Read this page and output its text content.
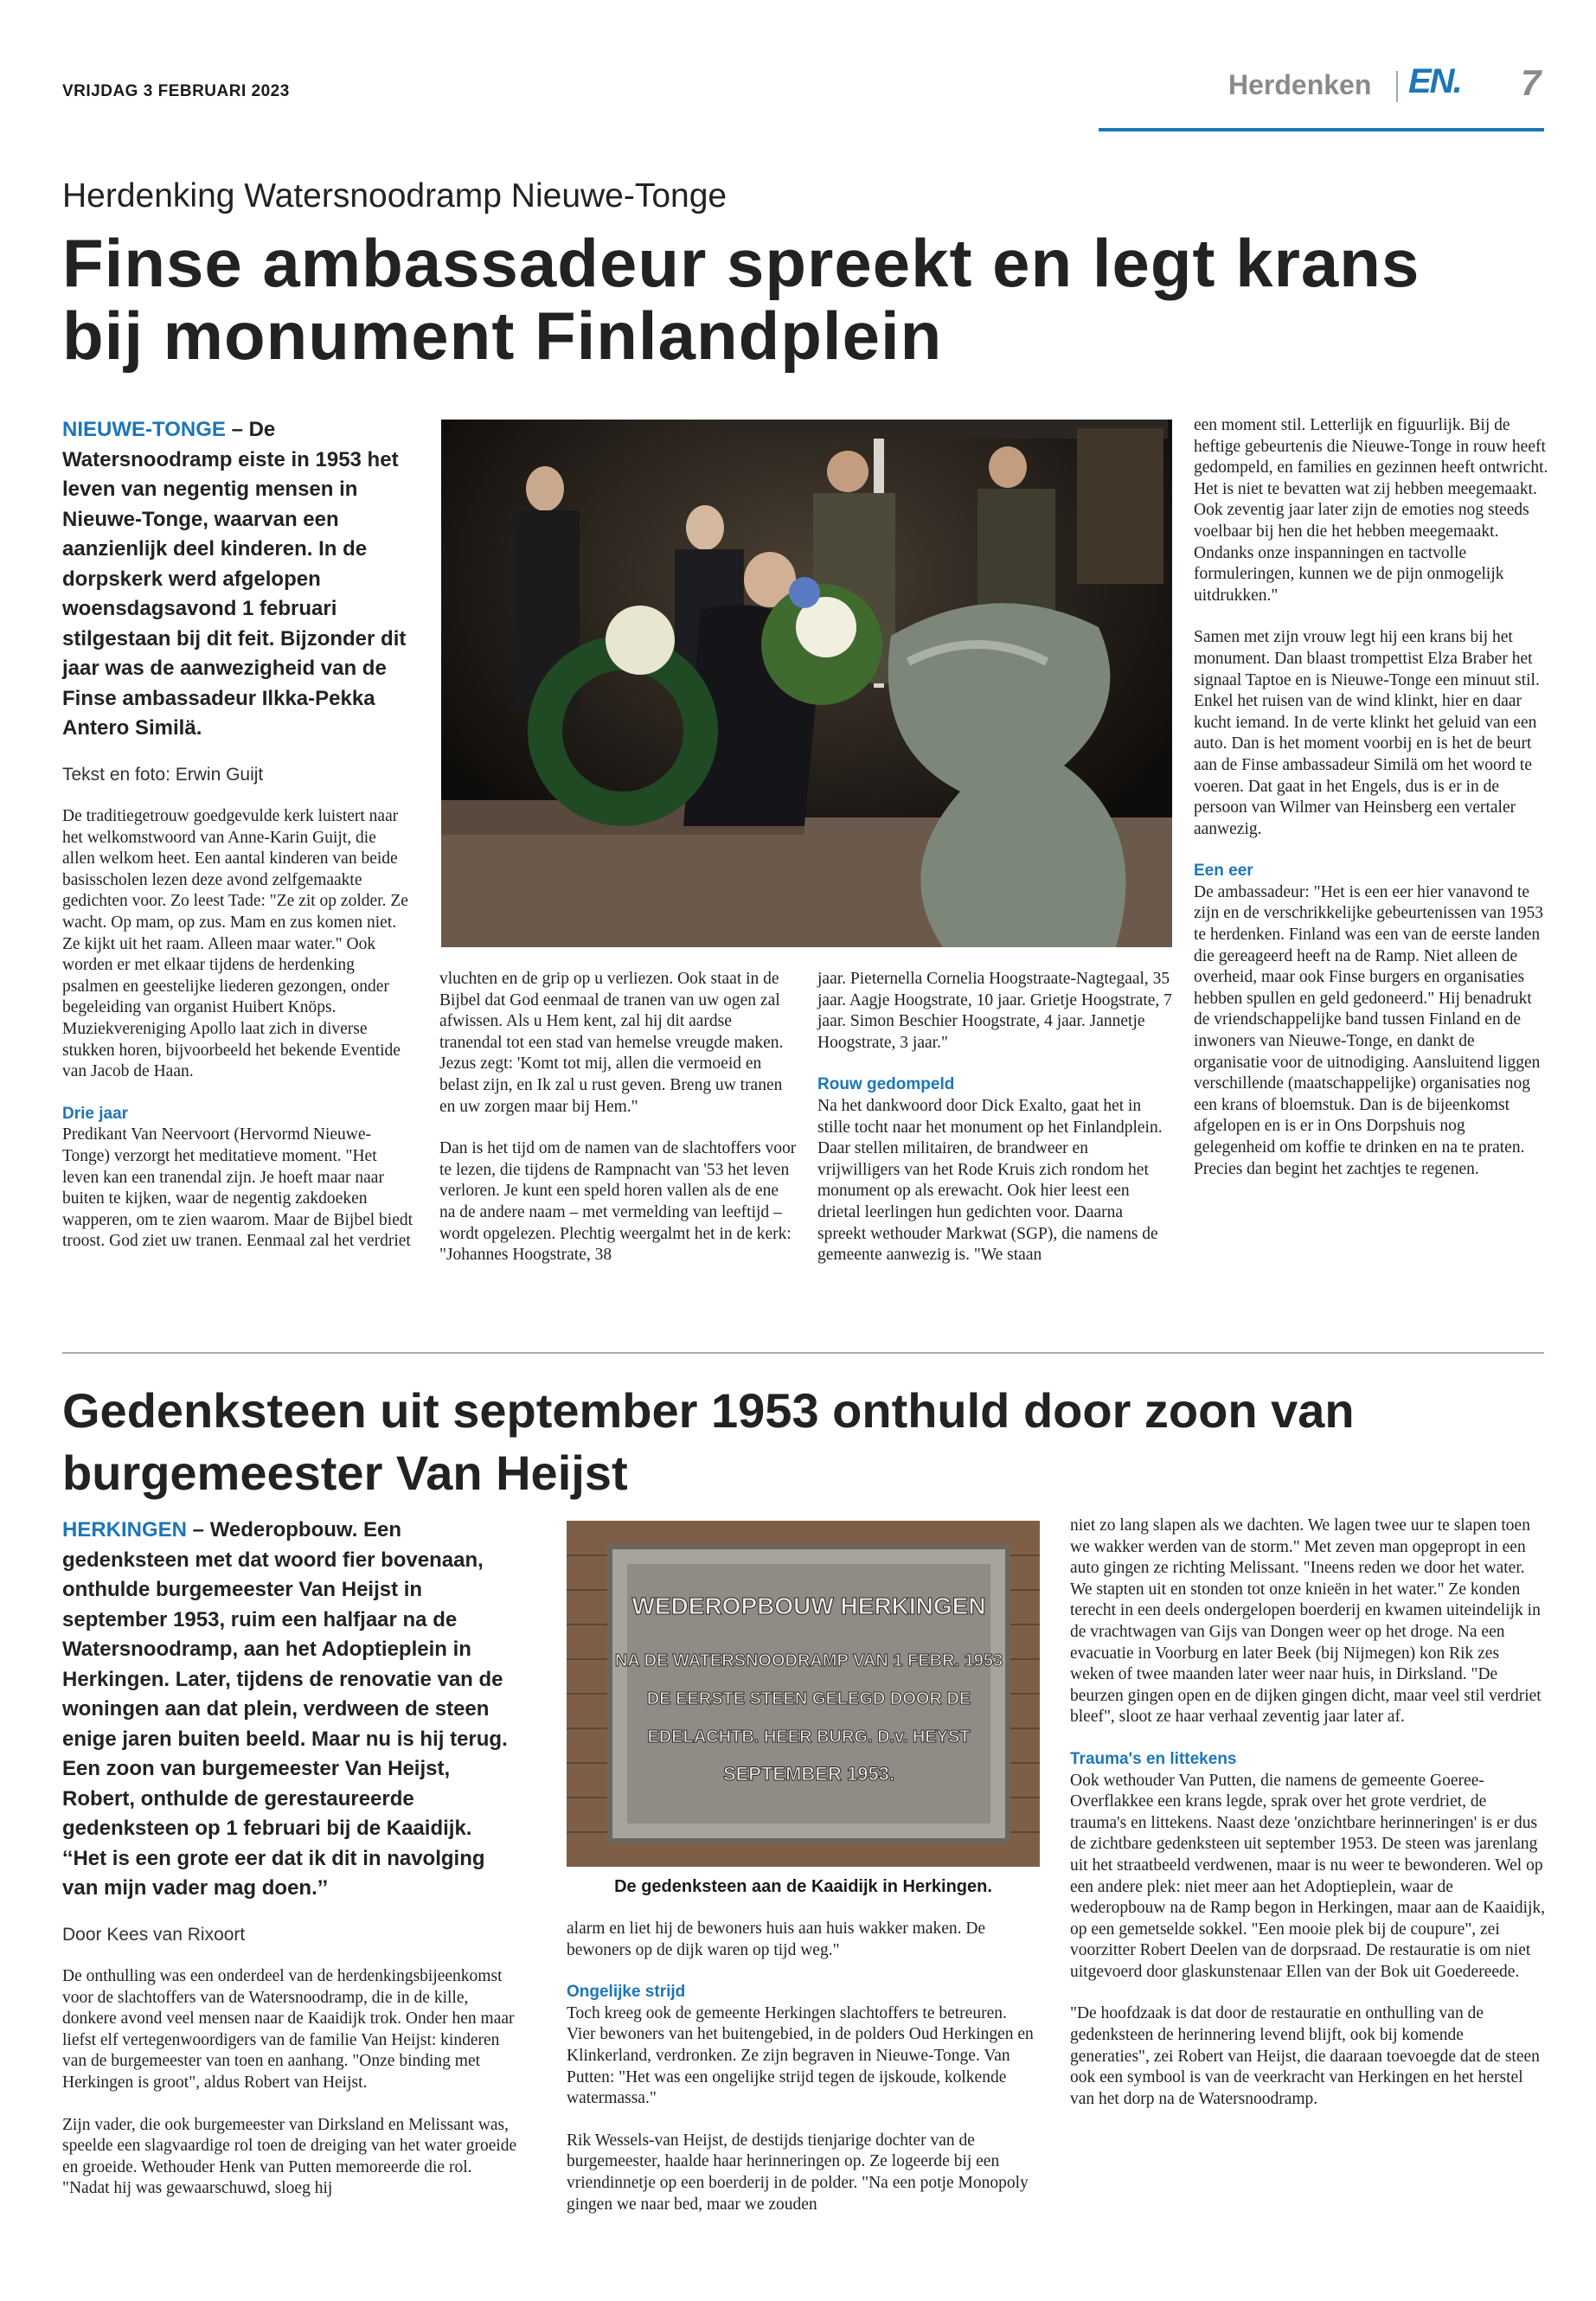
VRIJDAG 3 FEBRUARI 2023	Herdenken EN. 7
Herdenking Watersnoodramp Nieuwe-Tonge
Finse ambassadeur spreekt en legt krans bij monument Finlandplein

NIEUWE-TONGE – De Watersnoodramp eiste in 1953 het leven van negentig mensen in Nieuwe-Tonge, waarvan een aanzienlijk deel kinderen. In de dorpskerk werd afgelopen woensdagsavond 1 februari stilgestaan bij dit feit. Bijzonder dit jaar was de aanwezigheid van de Finse ambassadeur Ilkka-Pekka Antero Similä.

Tekst en foto: Erwin Guijt

De traditiegetrouw goedgevulde kerk luistert naar het welkomstwoord van Anne-Karin Guijt, die allen welkom heet. Een aantal kinderen van beide basisscholen lezen deze avond zelfgemaakte gedichten voor. Zo leest Tade: "Ze zit op zolder. Ze wacht. Op mam, op zus. Mam en zus komen niet. Ze kijkt uit het raam. Alleen maar water." Ook worden er met elkaar tijdens de herdenking psalmen en geestelijke liederen gezongen, onder begeleiding van organist Huibert Knöps. Muziekvereniging Apollo laat zich in diverse stukken horen, bijvoorbeeld het bekende Eventide van Jacob de Haan.

Drie jaar
Predikant Van Neervoort (Hervormd Nieuwe-Tonge) verzorgt het meditatieve moment. "Het leven kan een tranendal zijn. Je hoeft maar naar buiten te kijken, waar de negentig zakdoeken wapperen, om te zien waarom. Maar de Bijbel biedt troost. God ziet uw tranen. Eenmaal zal het verdriet

vluchten en de grip op u verliezen. Ook staat in de Bijbel dat God eenmaal de tranen van uw ogen zal afwissen. Als u Hem kent, zal hij dit aardse tranendal tot een stad van hemelse vreugde maken. Jezus zegt: 'Komt tot mij, allen die vermoeid en belast zijn, en Ik zal u rust geven. Breng uw tranen en uw zorgen maar bij Hem."

Dan is het tijd om de namen van de slachtoffers voor te lezen, die tijdens de Rampnacht van '53 het leven verloren. Je kunt een speld horen vallen als de ene na de andere naam – met vermelding van leeftijd – wordt opgelezen. Plechtig weergalmt het in de kerk: "Johannes Hoogstrate, 38

jaar. Pieternella Cornelia Hoogstraate-Nagtegaal, 35 jaar. Aagje Hoogstrate, 10 jaar. Grietje Hoogstrate, 7 jaar. Simon Beschier Hoogstrate, 4 jaar. Jannetje Hoogstrate, 3 jaar."

Rouw gedompeld
Na het dankwoord door Dick Exalto, gaat het in stille tocht naar het monument op het Finlandplein. Daar stellen militairen, de brandweer en vrijwilligers van het Rode Kruis zich rondom het monument op als erewacht. Ook hier leest een drietal leerlingen hun gedichten voor. Daarna spreekt wethouder Markwat (SGP), die namens de gemeente aanwezig is. "We staan

een moment stil. Letterlijk en figuurlijk. Bij de heftige gebeurtenis die Nieuwe-Tonge in rouw heeft gedompeld, en families en gezinnen heeft ontwricht. Het is niet te bevatten wat zij hebben meegemaakt. Ook zeventig jaar later zijn de emoties nog steeds voelbaar bij hen die het hebben meegemaakt. Ondanks onze inspanningen en tactvolle formuleringen, kunnen we de pijn onmogelijk uitdrukken."

Samen met zijn vrouw legt hij een krans bij het monument. Dan blaast trompettist Elza Braber het signaal Taptoe en is Nieuwe-Tonge een minuut stil. Enkel het ruisen van de wind klinkt, hier en daar kucht iemand. In de verte klinkt het geluid van een auto. Dan is het moment voorbij en is het de beurt aan de Finse ambassadeur Similä om het woord te voeren. Dat gaat in het Engels, dus is er in de persoon van Wilmer van Heinsberg een vertaler aanwezig.

Een eer
De ambassadeur: "Het is een eer hier vanavond te zijn en de verschrikkelijke gebeurtenissen van 1953 te herdenken. Finland was een van de eerste landen die gereageerd heeft na de Ramp. Niet alleen de overheid, maar ook Finse burgers en organisaties hebben spullen en geld gedoneerd." Hij benadrukt de vriendschappelijke band tussen Finland en de inwoners van Nieuwe-Tonge, en dankt de organisatie voor de uitnodiging. Aansluitend liggen verschillende (maatschappelijke) organisaties nog een krans of bloemstuk. Dan is de bijeenkomst afgelopen en is er in Ons Dorpshuis nog gelegenheid om koffie te drinken en na te praten. Precies dan begint het zachtjes te regenen.

Gedenksteen uit september 1953 onthuld door zoon van burgemeester Van Heijst

HERKINGEN – Wederopbouw. Een gedenksteen met dat woord fier bovenaan, onthulde burgemeester Van Heijst in september 1953, ruim een halfjaar na de Watersnoodramp, aan het Adoptieplein in Herkingen. Later, tijdens de renovatie van de woningen aan dat plein, verdween de steen enige jaren buiten beeld. Maar nu is hij terug. Een zoon van burgemeester Van Heijst, Robert, onthulde de gerestaureerde gedenksteen op 1 februari bij de Kaaidijk. ‘‘Het is een grote eer dat ik dit in navolging van mijn vader mag doen.’’

Door Kees van Rixoort

De onthulling was een onderdeel van de herdenkingsbijeenkomst voor de slachtoffers van de Watersnoodramp, die in de kille, donkere avond veel mensen naar de Kaaidijk trok. Onder hen maar liefst elf vertegenwoordigers van de familie Van Heijst: kinderen van de burgemeester van toen en aanhang. "Onze binding met Herkingen is groot", aldus Robert van Heijst.

Zijn vader, die ook burgemeester van Dirksland en Melissant was, speelde een slagvaardige rol toen de dreiging van het water groeide en groeide. Wethouder Henk van Putten memoreerde die rol. "Nadat hij was gewaarschuwd, sloeg hij

WEDEROPBOUW HERKINGEN
NA DE WATERSNOODRAMP VAN 1 FEBR. 1953
DE EERSTE STEEN GELEGD DOOR DE
EDELACHTB. HEER BURG. D.v. HEYST
SEPTEMBER 1953.
De gedenksteen aan de Kaaidijk in Herkingen.

alarm en liet hij de bewoners huis aan huis wakker maken. De bewoners op de dijk waren op tijd weg."

Ongelijke strijd
Toch kreeg ook de gemeente Herkingen slachtoffers te betreuren. Vier bewoners van het buitengebied, in de polders Oud Herkingen en Klinkerland, verdronken. Ze zijn begraven in Nieuwe-Tonge. Van Putten: "Het was een ongelijke strijd tegen de ijskoude, kolkende watermassa."

Rik Wessels-van Heijst, de destijds tienjarige dochter van de burgemeester, haalde haar herinneringen op. Ze logeerde bij een vriendinnetje op een boerderij in de polder. "Na een potje Monopoly gingen we naar bed, maar we zouden

niet zo lang slapen als we dachten. We lagen twee uur te slapen toen we wakker werden van de storm." Met zeven man opgepropt in een auto gingen ze richting Melissant. "Ineens reden we door het water. We stapten uit en stonden tot onze knieën in het water." Ze konden terecht in een deels ondergelopen boerderij en kwamen uiteindelijk in de vrachtwagen van Gijs van Dongen weer op het droge. Na een evacuatie in Voorburg en later Beek (bij Nijmegen) kon Rik zes weken of twee maanden later weer naar huis, in Dirksland. "De beurzen gingen open en de dijken gingen dicht, maar veel stil verdriet bleef", sloot ze haar verhaal zeventig jaar later af.

Trauma's en littekens
Ook wethouder Van Putten, die namens de gemeente Goeree-Overflakkee een krans legde, sprak over het grote verdriet, de trauma's en littekens. Naast deze 'onzichtbare herinneringen' is er dus de zichtbare gedenksteen uit september 1953. De steen was jarenlang uit het straatbeeld verdwenen, maar is nu weer te bewonderen. Wel op een andere plek: niet meer aan het Adoptieplein, waar de wederopbouw na de Ramp begon in Herkingen, maar aan de Kaaidijk, op een gemetselde sokkel. "Een mooie plek bij de coupure", zei voorzitter Robert Deelen van de dorpsraad. De restauratie is om niet uitgevoerd door glaskunstenaar Ellen van der Bok uit Goedereede.

"De hoofdzaak is dat door de restauratie en onthulling van de gedenksteen de herinnering levend blijft, ook bij komende generaties", zei Robert van Heijst, die daaraan toevoegde dat de steen ook een symbool is van de veerkracht van Herkingen en het herstel van het dorp na de Watersnoodramp.
